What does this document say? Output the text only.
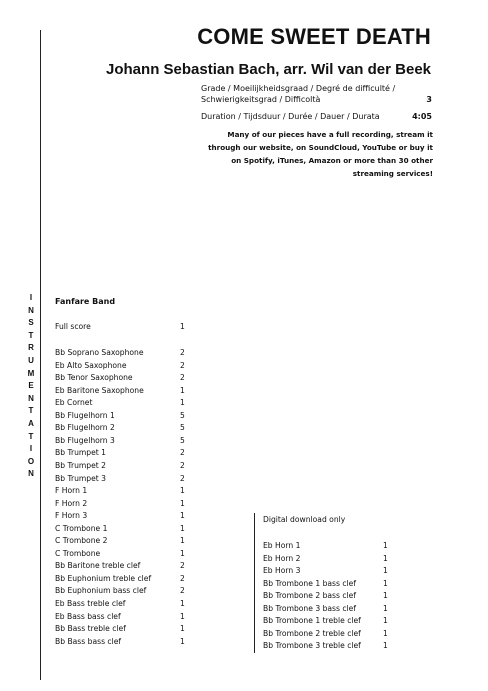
I
N
S
T
R
U
M
E
N
T
A
T
I
O
N
COME SWEET DEATH
Johann Sebastian Bach, arr. Wil van der Beek
Grade / Moeilijkheidsgraad / Degré de difficulté / Schwierigkeitsgrad / Difficoltà	3
Duration / Tijdsduur / Durée / Dauer / Durata	4:05
Many of our pieces have a full recording, stream it through our website, on SoundCloud, YouTube or buy it on Spotify, iTunes, Amazon or more than 30 other streaming services!
Fanfare Band
Full score	1
Bb Soprano Saxophone	2
Eb Alto Saxophone	2
Bb Tenor Saxophone	2
Eb Baritone Saxophone	1
Eb Cornet	1
Bb Flugelhorn 1	5
Bb Flugelhorn 2	5
Bb Flugelhorn 3	5
Bb Trumpet 1	2
Bb Trumpet 2	2
Bb Trumpet 3	2
F Horn 1	1
F Horn 2	1
F Horn 3	1
C Trombone 1	1
C Trombone 2	1
C Trombone	1
Bb Baritone treble clef	2
Bb Euphonium treble clef	2
Bb Euphonium bass clef	2
Eb Bass treble clef	1
Eb Bass bass clef	1
Bb Bass treble clef	1
Bb Bass bass clef	1
Digital download only
Eb Horn 1	1
Eb Horn 2	1
Eb Horn 3	1
Bb Trombone 1 bass clef	1
Bb Trombone 2 bass clef	1
Bb Trombone 3 bass clef	1
Bb Trombone 1 treble clef	1
Bb Trombone 2 treble clef	1
Bb Trombone 3 treble clef	1
